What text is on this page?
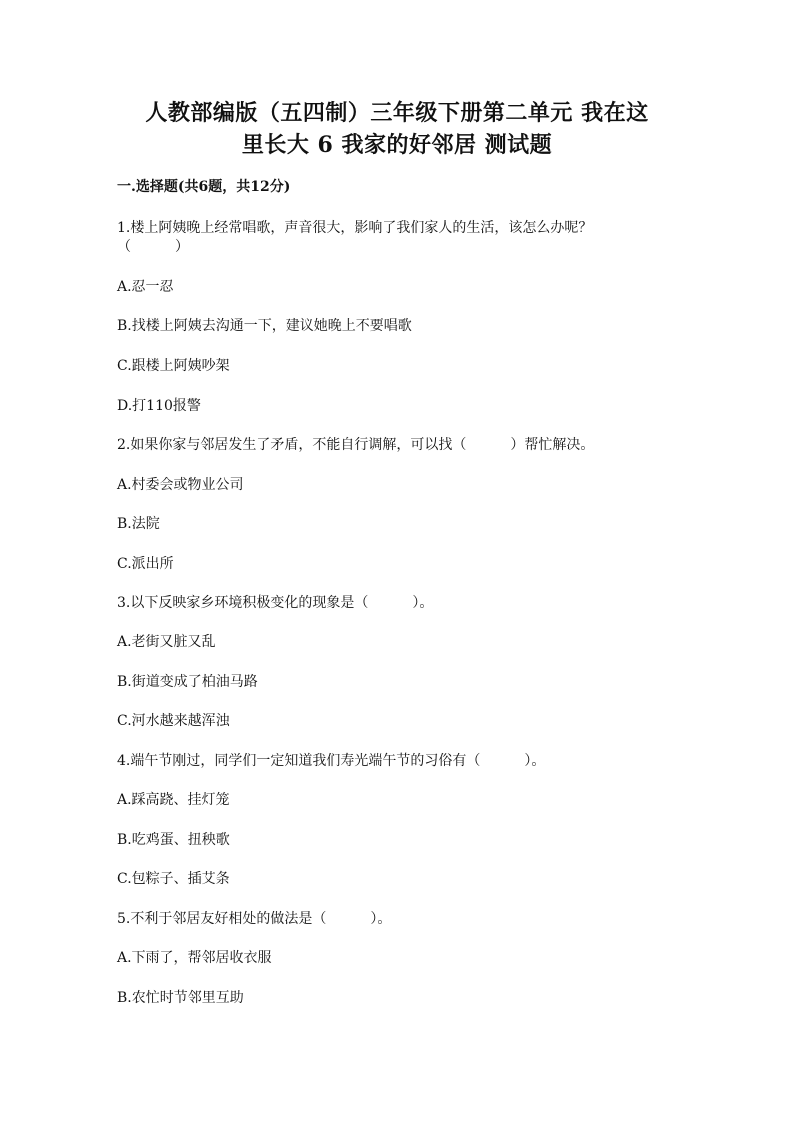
人教部编版（五四制）三年级下册第二单元 我在这
里长大 6 我家的好邻居 测试题
一.选择题(共6题，共12分)
1.楼上阿姨晚上经常唱歌，声音很大，影响了我们家人的生活，该怎么办呢？
（	）
A.忍一忍
B.找楼上阿姨去沟通一下，建议她晚上不要唱歌
C.跟楼上阿姨吵架
D.打110报警
2.如果你家与邻居发生了矛盾，不能自行调解，可以找（	）帮忙解决。
A.村委会或物业公司
B.法院
C.派出所
3.以下反映家乡环境积极变化的现象是（	）。
A.老街又脏又乱
B.街道变成了柏油马路
C.河水越来越浑浊
4.端午节刚过，同学们一定知道我们寿光端午节的习俗有（	）。
A.踩高跷、挂灯笼
B.吃鸡蛋、扭秧歌
C.包粽子、插艾条
5.不利于邻居友好相处的做法是（	）。
A.下雨了，帮邻居收衣服
B.农忙时节邻里互助
